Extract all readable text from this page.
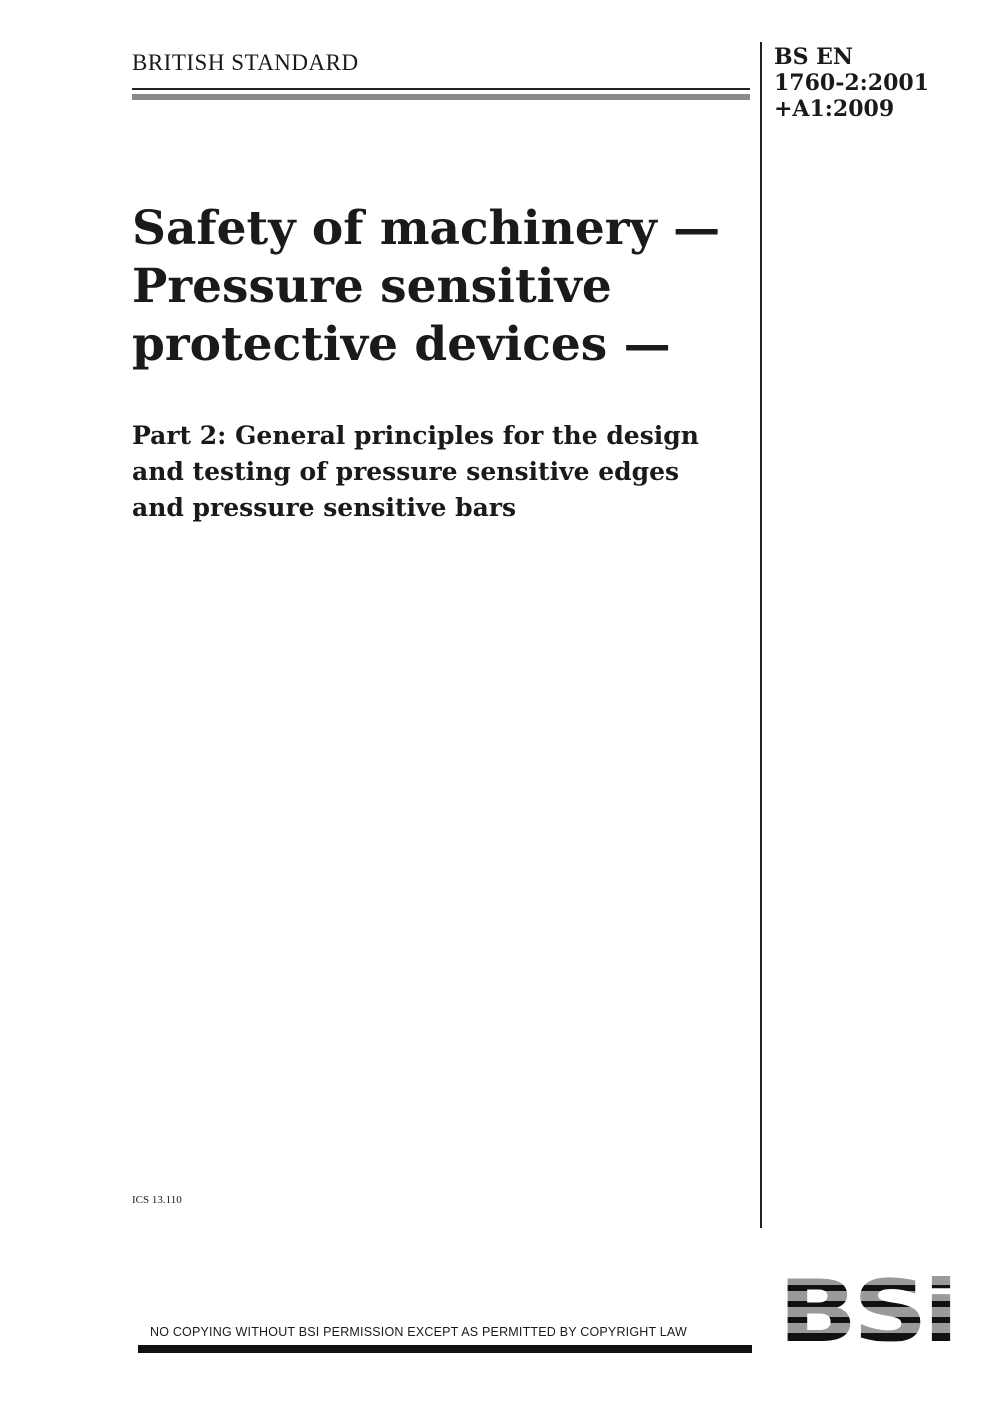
BRITISH STANDARD	BS EN
1760-2:2001
+A1:2009
Safety of machinery —
Pressure sensitive
protective devices —
Part 2: General principles for the design
and testing of pressure sensitive edges
and pressure sensitive bars
ICS 13.110
NO COPYING WITHOUT BSI PERMISSION EXCEPT AS PERMITTED BY COPYRIGHT LAW
